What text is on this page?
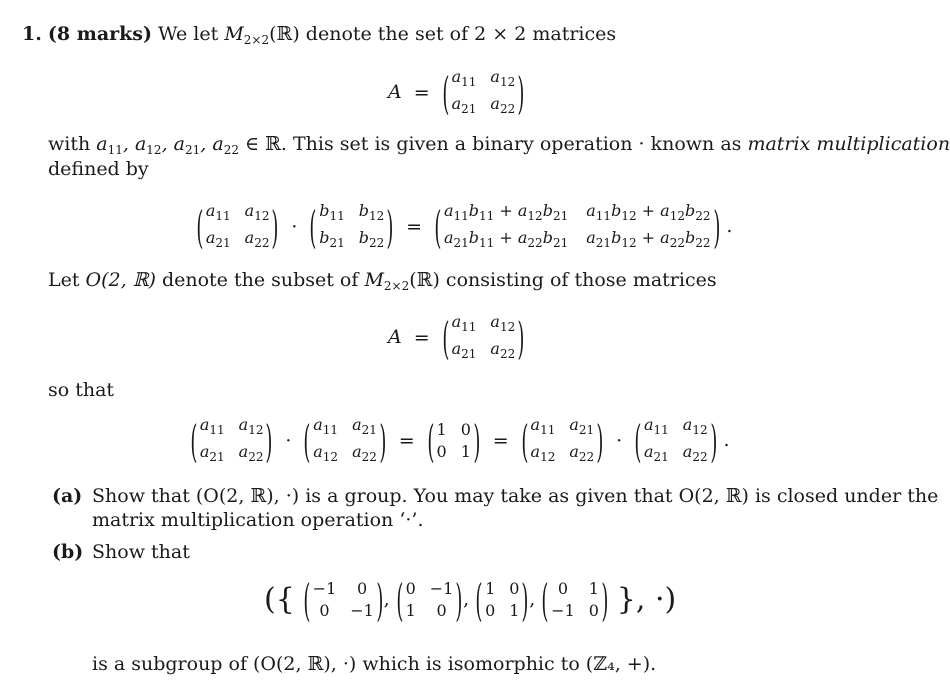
1. (8 marks) We let $M_{2\times 2}(ℝ)$ denote the set of 2 × 2 matrices
A = ( $a_{11}$ $a_{12}$
$a_{21}$ $a_{22}$ )
with $a_{11}$, $a_{12}$, $a_{21}$, $a_{22}$ ∈ ℝ. This set is given a binary operation · known as matrix multiplication
defined by
( $a_{11}$ $a_{12}$
$a_{21}$ $a_{22}$ ) · ( $b_{11}$ $b_{12}$
$b_{21}$ $b_{22}$ ) = ( $a_{11}b_{11} + a_{12}b_{21}$ $a_{11}b_{12} + a_{12}b_{22}$
$a_{21}b_{11} + a_{22}b_{21}$ $a_{21}b_{12} + a_{22}b_{22}$ ) .
Let O(2, ℝ) denote the subset of $M_{2\times 2}(ℝ)$ consisting of those matrices
A = ( $a_{11}$ $a_{12}$
$a_{21}$ $a_{22}$ )
so that
( $a_{11}$ $a_{12}$
$a_{21}$ $a_{22}$ ) · ( $a_{11}$ $a_{21}$
$a_{12}$ $a_{22}$ ) = ( 1 0
0 1 ) = ( $a_{11}$ $a_{21}$
$a_{12}$ $a_{22}$ ) · ( $a_{11}$ $a_{12}$
$a_{21}$ $a_{22}$ ) .
(a) Show that (O(2, ℝ), ·) is a group. You may take as given that O(2, ℝ) is closed under the
matrix multiplication operation ‘·’.
(b) Show that
({ ( −1	0
0	−1 ) , ( 0 −1
1	0 ) , ( 1 0
0 1 ) , ( 0	1
−1 0 ) }, ·)
is a subgroup of (O(2, ℝ), ·) which is isomorphic to (ℤ₄, +).
